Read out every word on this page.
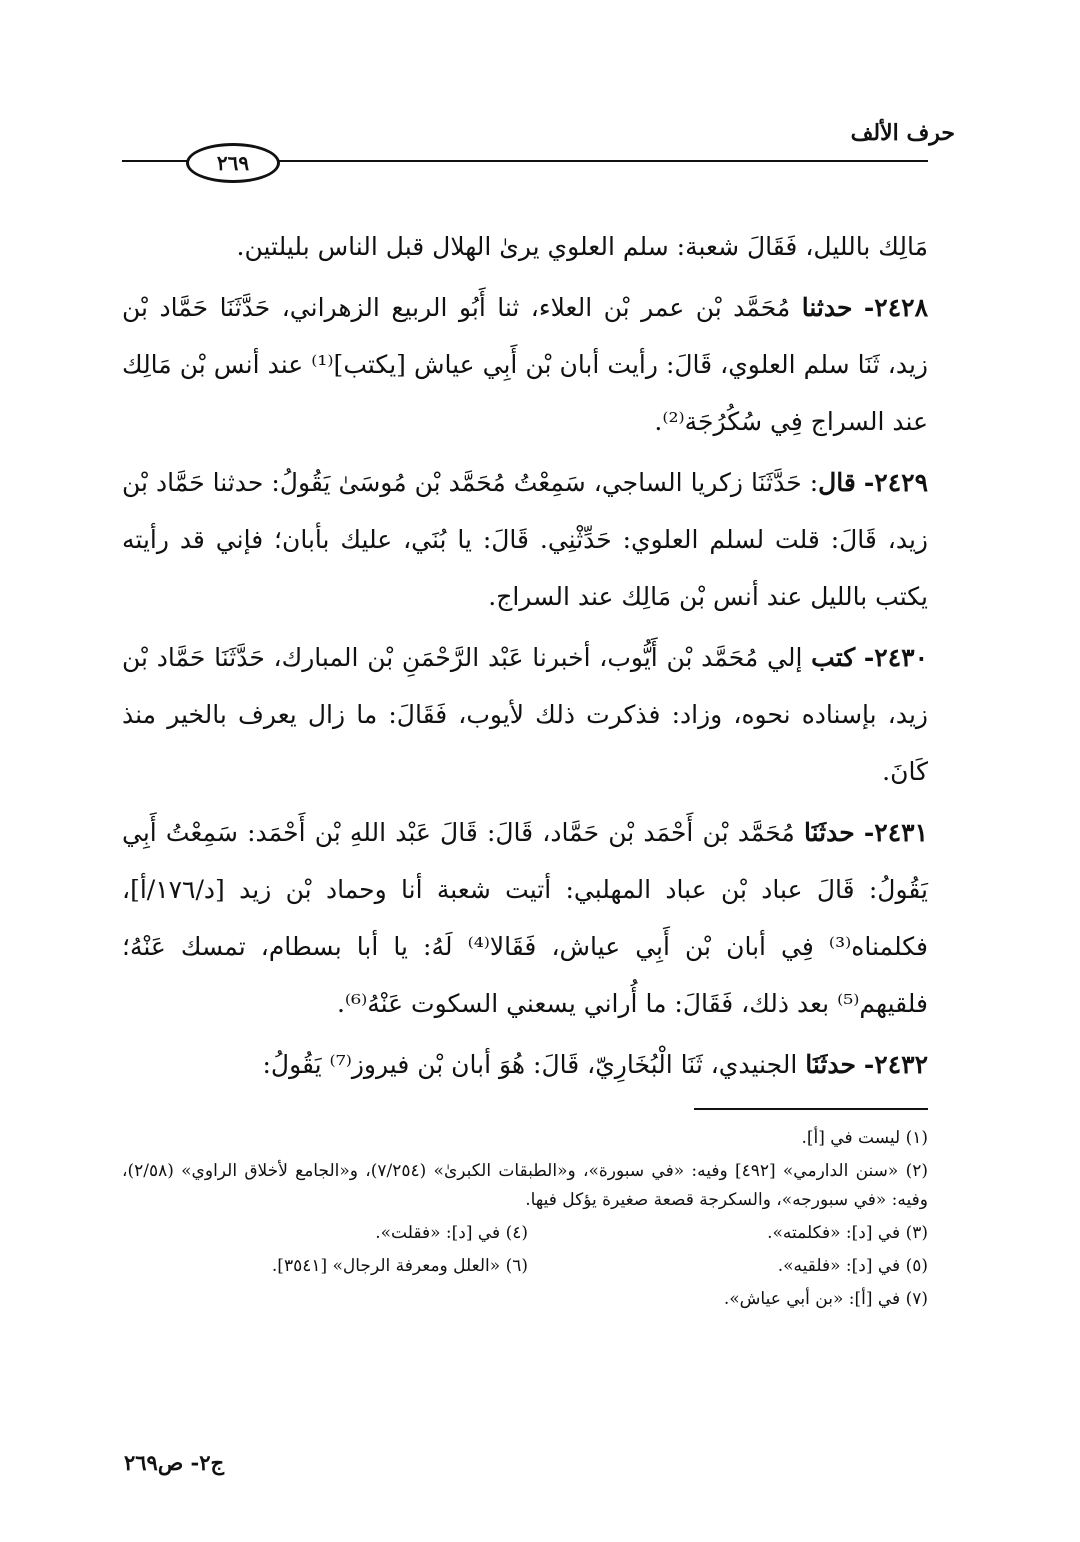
حرف الألف
٢٦٩

مَالِك بالليل، فَقَالَ شعبة: سلم العلوي يرىٰ الهلال قبل الناس بليلتين.

٢٤٢٨- حدثنا مُحَمَّد بْن عمر بْن العلاء، ثنا أَبُو الربيع الزهراني، حَدَّثَنَا حَمَّاد بْن زيد، ثَنَا سلم العلوي، قَالَ: رأيت أبان بْن أَبِي عياش [يكتب]⁽¹⁾ عند أنس بْن مَالِك عند السراج فِي سُكُرُجَة⁽²⁾.

٢٤٢٩- قال: حَدَّثَنَا زكريا الساجي، سَمِعْتُ مُحَمَّد بْن مُوسَىٰ يَقُولُ: حدثنا حَمَّاد بْن زيد، قَالَ: قلت لسلم العلوي: حَدِّثْنِي. قَالَ: يا بُنَي، عليك بأبان؛ فإني قد رأيته يكتب بالليل عند أنس بْن مَالِك عند السراج.

٢٤٣٠- كتب إلي مُحَمَّد بْن أَيُّوب، أخبرنا عَبْد الرَّحْمَنِ بْن المبارك، حَدَّثَنَا حَمَّاد بْن زيد، بإسناده نحوه، وزاد: فذكرت ذلك لأيوب، فَقَالَ: ما زال يعرف بالخير منذ كَانَ.

٢٤٣١- حدثَنَا مُحَمَّد بْن أَحْمَد بْن حَمَّاد، قَالَ: قَالَ عَبْد اللهِ بْن أَحْمَد: سَمِعْتُ أَبِي يَقُولُ: قَالَ عباد بْن عباد المهلبي: أتيت شعبة أنا وحماد بْن زيد [د/١٧٦/أ]، فكلمناه⁽³⁾ فِي أبان بْن أَبِي عياش، فَقَالا⁽⁴⁾ لَهُ: يا أبا بسطام، تمسك عَنْهُ؛ فلقيهم⁽⁵⁾ بعد ذلك، فَقَالَ: ما أُراني يسعني السكوت عَنْهُ⁽⁶⁾.

٢٤٣٢- حدثَنَا الجنيدي، ثَنَا الْبُخَارِيّ، قَالَ: هُوَ أبان بْن فيروز⁽⁷⁾ يَقُولُ:

(١) ليست في [أ].
(٢) «سنن الدارمي» [٤٩٢] وفيه: «في سبورة»، و«الطبقات الكبرىٰ» (٧/٢٥٤)، و«الجامع لأخلاق الراوي» (٢/٥٨)، وفيه: «في سبورجه»، والسكرجة قصعة صغيرة يؤكل فيها.
(٣) في [د]: «فكلمته».
(٤) في [د]: «فقلت».
(٥) في [د]: «فلقيه».
(٦) «العلل ومعرفة الرجال» [٣٥٤١].
(٧) في [أ]: «بن أبي عياش».
ج٢- ص٢٦٩
